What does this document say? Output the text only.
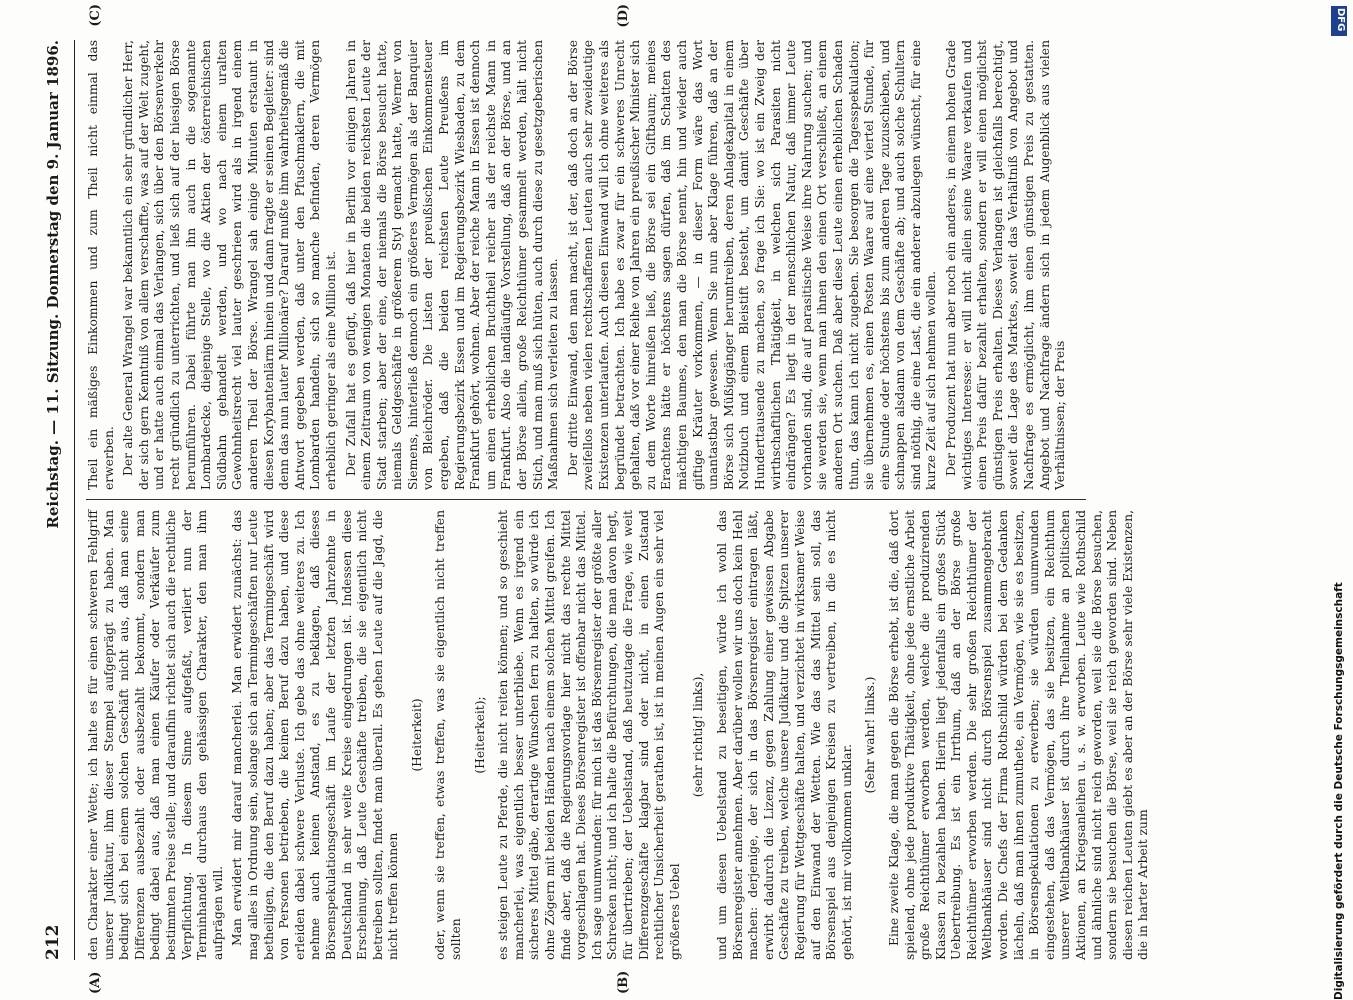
212
Reichstag. — 11. Sitzung. Donnerstag den 9. Januar 1896.
(A)	(B)
(C)	(D)

den Charakter einer Wette; ich halte es für einen schweren Fehlgriff unserer Judikatur, ihm dieser Stempel aufgeprägt zu haben. Man bedingt sich bei einem solchen Geschäft nicht aus, daß man seine Differenzen ausbezahlt oder ausbezahlt bekommt, sondern man bedingt dabei aus, daß man einen Käufer oder Verkäufer zum bestimmten Preise stelle; und daraufhin richtet sich auch die rechtliche Verpflichtung. In diesem Sinne aufgefaßt, verliert nun der Terminhandel durchaus den gehässigen Charakter, den man ihm aufprägen will. Man erwidert mir darauf mancherlei. Man erwidert zunächst: das mag alles in Ordnung sein, solange sich an Termingeschäften nur Leute betheiligen, die den Beruf dazu haben; aber das Termingeschäft wird von Personen betrieben, die keinen Beruf dazu haben, und diese erleiden dabei schwere Verluste. Ich gebe das ohne weiteres zu. Ich nehme auch keinen Anstand, es zu beklagen, daß dieses Börsenspekulationsgeschäft im Laufe der letzten Jahrzehnte in Deutschland in sehr weite Kreise eingedrungen ist. Indessen diese Erscheinung, daß Leute Geschäfte treiben, die sie eigentlich nicht betreiben sollten, findet man überall. Es gehen Leute auf die Jagd, die nicht treffen können

(Heiterkeit) oder, wenn sie treffen, etwas treffen, was sie eigentlich nicht treffen sollten

(Heiterkeit); es steigen Leute zu Pferde, die nicht reiten können; und so geschieht mancherlei, was eigentlich besser unterbliebe. Wenn es irgend ein sicheres Mittel gäbe, derartige Wünschen fern zu halten, so würde ich ohne Zögern mit beiden Händen nach einem solchen Mittel greifen. Ich finde aber, daß die Regierungsvorlage hier nicht das rechte Mittel vorgeschlagen hat. Dieses Börsenregister ist offenbar nicht das Mittel. Ich sage unumwunden: für mich ist das Börsenregister der größte aller Schrecken nicht; und ich halte die Befürchtungen, die man davon hegt, für übertrieben; der Uebelstand, daß heutzutage die Frage, wie weit Differenzgeschäfte klagbar sind oder nicht, in einen Zustand rechtlicher Unsicherheit gerathen ist, ist in meinen Augen ein sehr viel größeres Uebel

(sehr richtig! links), und um diesen Uebelstand zu beseitigen, würde ich wohl das Börsenregister annehmen. Aber darüber wollen wir uns doch kein Hehl machen: derjenige, der sich in das Börsenregister eintragen läßt, erwirbt dadurch die Lizenz, gegen Zahlung einer gewissen Abgabe Geschäfte zu treiben, welche unsere Judikatur und die Spitzen unserer Regierung für Wettgeschäfte halten, und verzichtet in wirksamer Weise auf den Einwand der Wetten. Wie das das Mittel sein soll, das Börsenspiel aus denjenigen Kreisen zu vertreiben, in die es nicht gehört, ist mir vollkommen unklar.

(Sehr wahr! links.) Eine zweite Klage, die man gegen die Börse erhebt, ist die, daß dort spielend, ohne jede produktive Thätigkeit, ohne jede ernstliche Arbeit große Reichthümer erworben werden, welche die produzirenden Klassen zu bezahlen haben. Hierin liegt jedenfalls ein großes Stück Uebertreibung. Es ist ein Irrthum, daß an der Börse große Reichthümer erworben werden. Die sehr großen Reichthümer der Weltbankhäuser sind nicht durch Börsenspiel zusammengebracht worden. Die Chefs der Firma Rothschild würden bei dem Gedanken lächeln, daß man ihnen zumuthete, ein Vermögen, wie sie es besitzen, in Börsenspekulationen zu erwerben; sie würden unumwunden eingestehen, daß das Vermögen, das sie besitzen, ein Reichthum unserer Weltbankhäuser ist durch ihre Theilnahme an politischen Aktionen, an Kriegsanleihen u. s. w. erworben. Leute wie Rothschild und ähnliche sind nicht reich geworden, weil sie die Börse besuchen, sondern sie besuchen die Börse, weil sie reich geworden sind. Neben diesen reichen Leuten giebt es aber an der Börse sehr viele Existenzen, die in harter Arbeit zum

Theil ein mäßiges Einkommen und zum Theil nicht einmal das erwerben. Der alte General Wrangel war bekanntlich ein sehr gründlicher Herr, der sich gern Kenntniß von allem verschaffte, was auf der Welt zugeht, und er hatte auch einmal das Verlangen, sich über den Börsenverkehr recht gründlich zu unterrichten, und ließ sich auf der hiesigen Börse herumführen. Dabei führte man ihn auch in die sogenannte Lombardecke, diejenige Stelle, wo die Aktien der österreichischen Südbahn gehandelt werden, und wo nach einem uralten Gewohnheitsrecht viel lauter geschrieen wird als in irgend einem anderen Theil der Börse. Wrangel sah einige Minuten erstaunt in diesen Korybantenlärm hinein und dann fragte er seinen Begleiter: sind denn das nun lauter Millionäre? Darauf mußte ihm wahrheitsgemäß die Antwort gegeben werden, daß unter den Pfuschmaklern, die mit Lombarden handeln, sich so manche befinden, deren Vermögen erheblich geringer als eine Million ist. Der Zufall hat es gefügt, daß hier in Berlin vor einigen Jahren in einem Zeitraum von wenigen Monaten die beiden reichsten Leute der Stadt starben; aber der eine, der niemals die Börse besucht hatte, niemals Geldgeschäfte in größerem Styl gemacht hatte, Werner von Siemens, hinterließ dennoch ein größeres Vermögen als der Banquier von Bleichröder. Die Listen der preußischen Einkommensteuer ergeben, daß die beiden reichsten Leute Preußens im Regierungsbezirk Essen und im Regierungsbezirk Wiesbaden, zu dem Frankfurt gehört, wohnen. Aber der reiche Mann in Essen ist dennoch um einen erheblichen Bruchtheil reicher als der reichste Mann in Frankfurt. Also die landläufige Vorstellung, daß an der Börse, und an der Börse allein, große Reichthümer gesammelt werden, hält nicht Stich, und man muß sich hüten, auch durch diese zu gesetzgeberischen Maßnahmen sich verleiten zu lassen. Der dritte Einwand, den man macht, ist der, daß doch an der Börse zweifellos neben vielen rechtschaffenen Leuten auch sehr zweideutige Existenzen unterlaufen. Auch diesen Einwand will ich ohne weiteres als begründet betrachten. Ich habe es zwar für ein schweres Unrecht gehalten, daß vor einer Reihe von Jahren ein preußischer Minister sich zu dem Worte hinreißen ließ, die Börse sei ein Giftbaum; meines Erachtens hätte er höchstens sagen dürfen, daß im Schatten des mächtigen Baumes, den man die Börse nennt, hin und wieder auch giftige Kräuter vorkommen, — in dieser Form wäre das Wort unantastbar gewesen. Wenn Sie nun aber Klage führen, daß an der Börse sich Müßiggänger herumtreiben, deren Anlagekapital in einem Notizbuch und einem Bleistift besteht, um damit Geschäfte über Hunderttausende zu machen, so frage ich Sie: wo ist ein Zweig der wirthschaftlichen Thätigkeit, in welchen sich Parasiten nicht eindrängen? Es liegt in der menschlichen Natur, daß immer Leute vorhanden sind, die auf parasitische Weise ihre Nahrung suchen; und sie werden sie, wenn man ihnen den einen Ort verschließt, an einem anderen Ort suchen. Daß aber diese Leute einen erheblichen Schaden thun, das kann ich nicht zugeben. Sie besorgen die Tagesspekulation; sie übernehmen es, einen Posten Waare auf eine viertel Stunde, für eine Stunde oder höchstens bis zum anderen Tage zuzuschieben, und schnappen alsdann von dem Geschäfte ab; und auch solche Schultern sind nöthig, die eine Last, die ein anderer abzulegen wünscht, für eine kurze Zeit auf sich nehmen wollen. Der Produzent hat nun aber noch ein anderes, in einem hohen Grade wichtiges Interesse: er will nicht allein seine Waare verkaufen und einen Preis dafür bezahlt erhalten, sondern er will einen möglichst günstigen Preis erhalten. Dieses Verlangen ist gleichfalls berechtigt, soweit die Lage des Marktes, soweit das Verhältniß von Angebot und Nachfrage es ermöglicht, ihm einen günstigen Preis zu gestatten. Angebot und Nachfrage ändern sich in jedem Augenblick aus vielen Verhältnissen; der Preis

DFG
Digitalisierung gefördert durch die Deutsche Forschungsgemeinschaft
